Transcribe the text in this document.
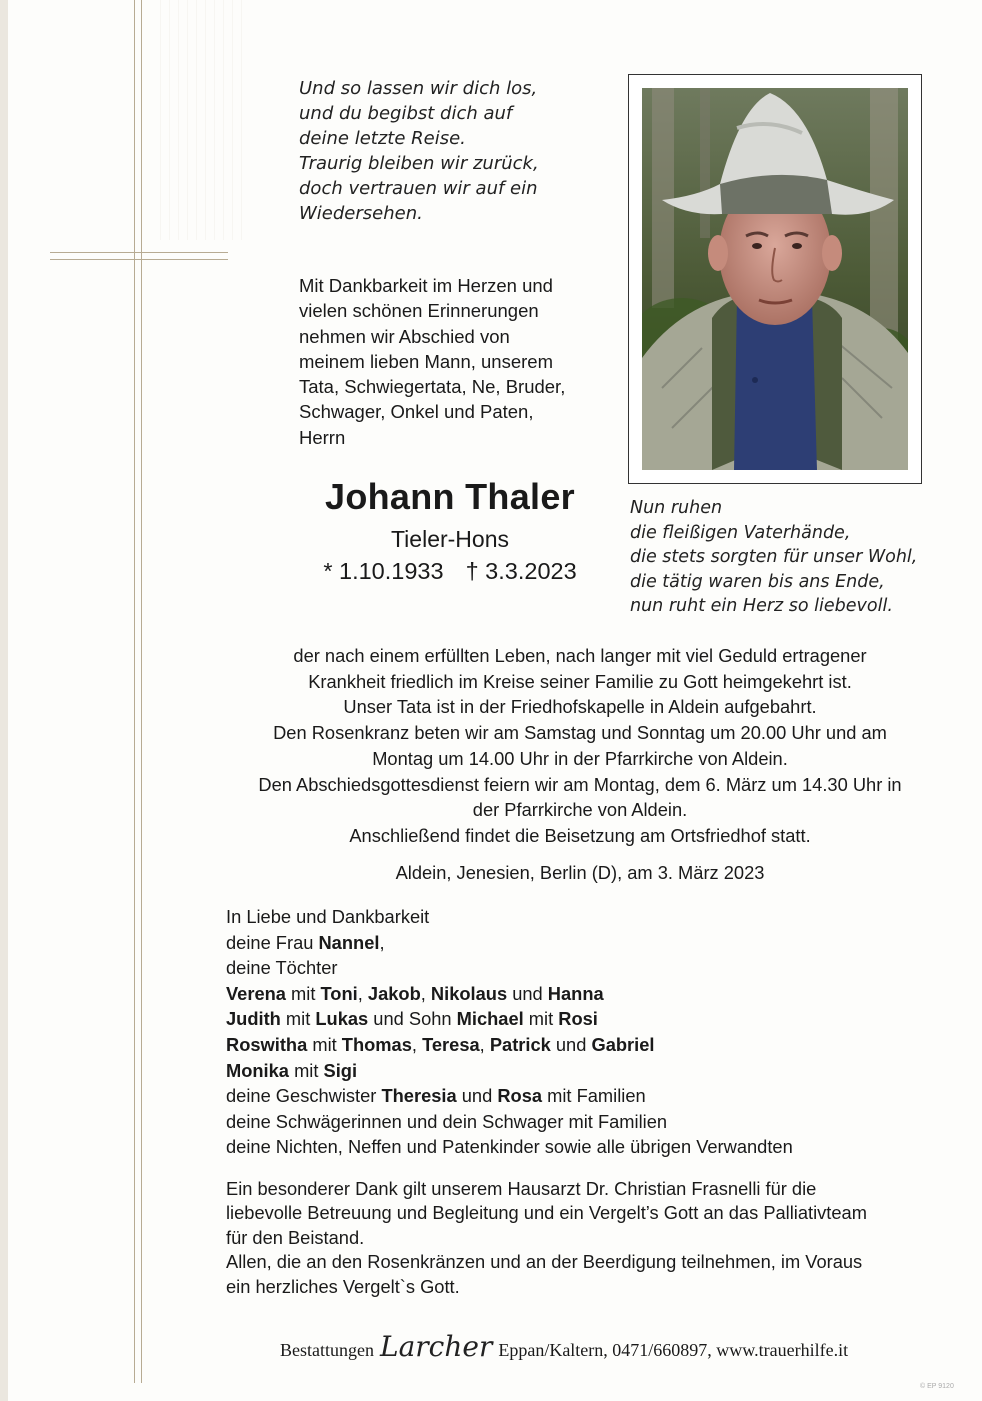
Und so lassen wir dich los,
und du begibst dich auf
deine letzte Reise.
Traurig bleiben wir zurück,
doch vertrauen wir auf ein
Wiedersehen.
Mit Dankbarkeit im Herzen und
vielen schönen Erinnerungen
nehmen wir Abschied von
meinem lieben Mann, unserem
Tata, Schwiegertata, Ne, Bruder,
Schwager, Onkel und Paten,
Herrn
Johann Thaler
Tieler-Hons
* 1.10.1933 † 3.3.2023
Nun ruhen
die fleißigen Vaterhände,
die stets sorgten für unser Wohl,
die tätig waren bis ans Ende,
nun ruht ein Herz so liebevoll.
der nach einem erfüllten Leben, nach langer mit viel Geduld ertragener
Krankheit friedlich im Kreise seiner Familie zu Gott heimgekehrt ist.
Unser Tata ist in der Friedhofskapelle in Aldein aufgebahrt.
Den Rosenkranz beten wir am Samstag und Sonntag um 20.00 Uhr und am
Montag um 14.00 Uhr in der Pfarrkirche von Aldein.
Den Abschiedsgottesdienst feiern wir am Montag, dem 6. März um 14.30 Uhr in
der Pfarrkirche von Aldein.
Anschließend findet die Beisetzung am Ortsfriedhof statt.
Aldein, Jenesien, Berlin (D), am 3. März 2023
In Liebe und Dankbarkeit
deine Frau Nannel,
deine Töchter
Verena mit Toni, Jakob, Nikolaus und Hanna
Judith mit Lukas und Sohn Michael mit Rosi
Roswitha mit Thomas, Teresa, Patrick und Gabriel
Monika mit Sigi
deine Geschwister Theresia und Rosa mit Familien
deine Schwägerinnen und dein Schwager mit Familien
deine Nichten, Neffen und Patenkinder sowie alle übrigen Verwandten
Ein besonderer Dank gilt unserem Hausarzt Dr. Christian Frasnelli für die
liebevolle Betreuung und Begleitung und ein Vergelt’s Gott an das Palliativteam
für den Beistand.
Allen, die an den Rosenkränzen und an der Beerdigung teilnehmen, im Voraus
ein herzliches Vergelt`s Gott.
Bestattungen Larcher Eppan/Kaltern, 0471/660897, www.trauerhilfe.it
© EP 9120
